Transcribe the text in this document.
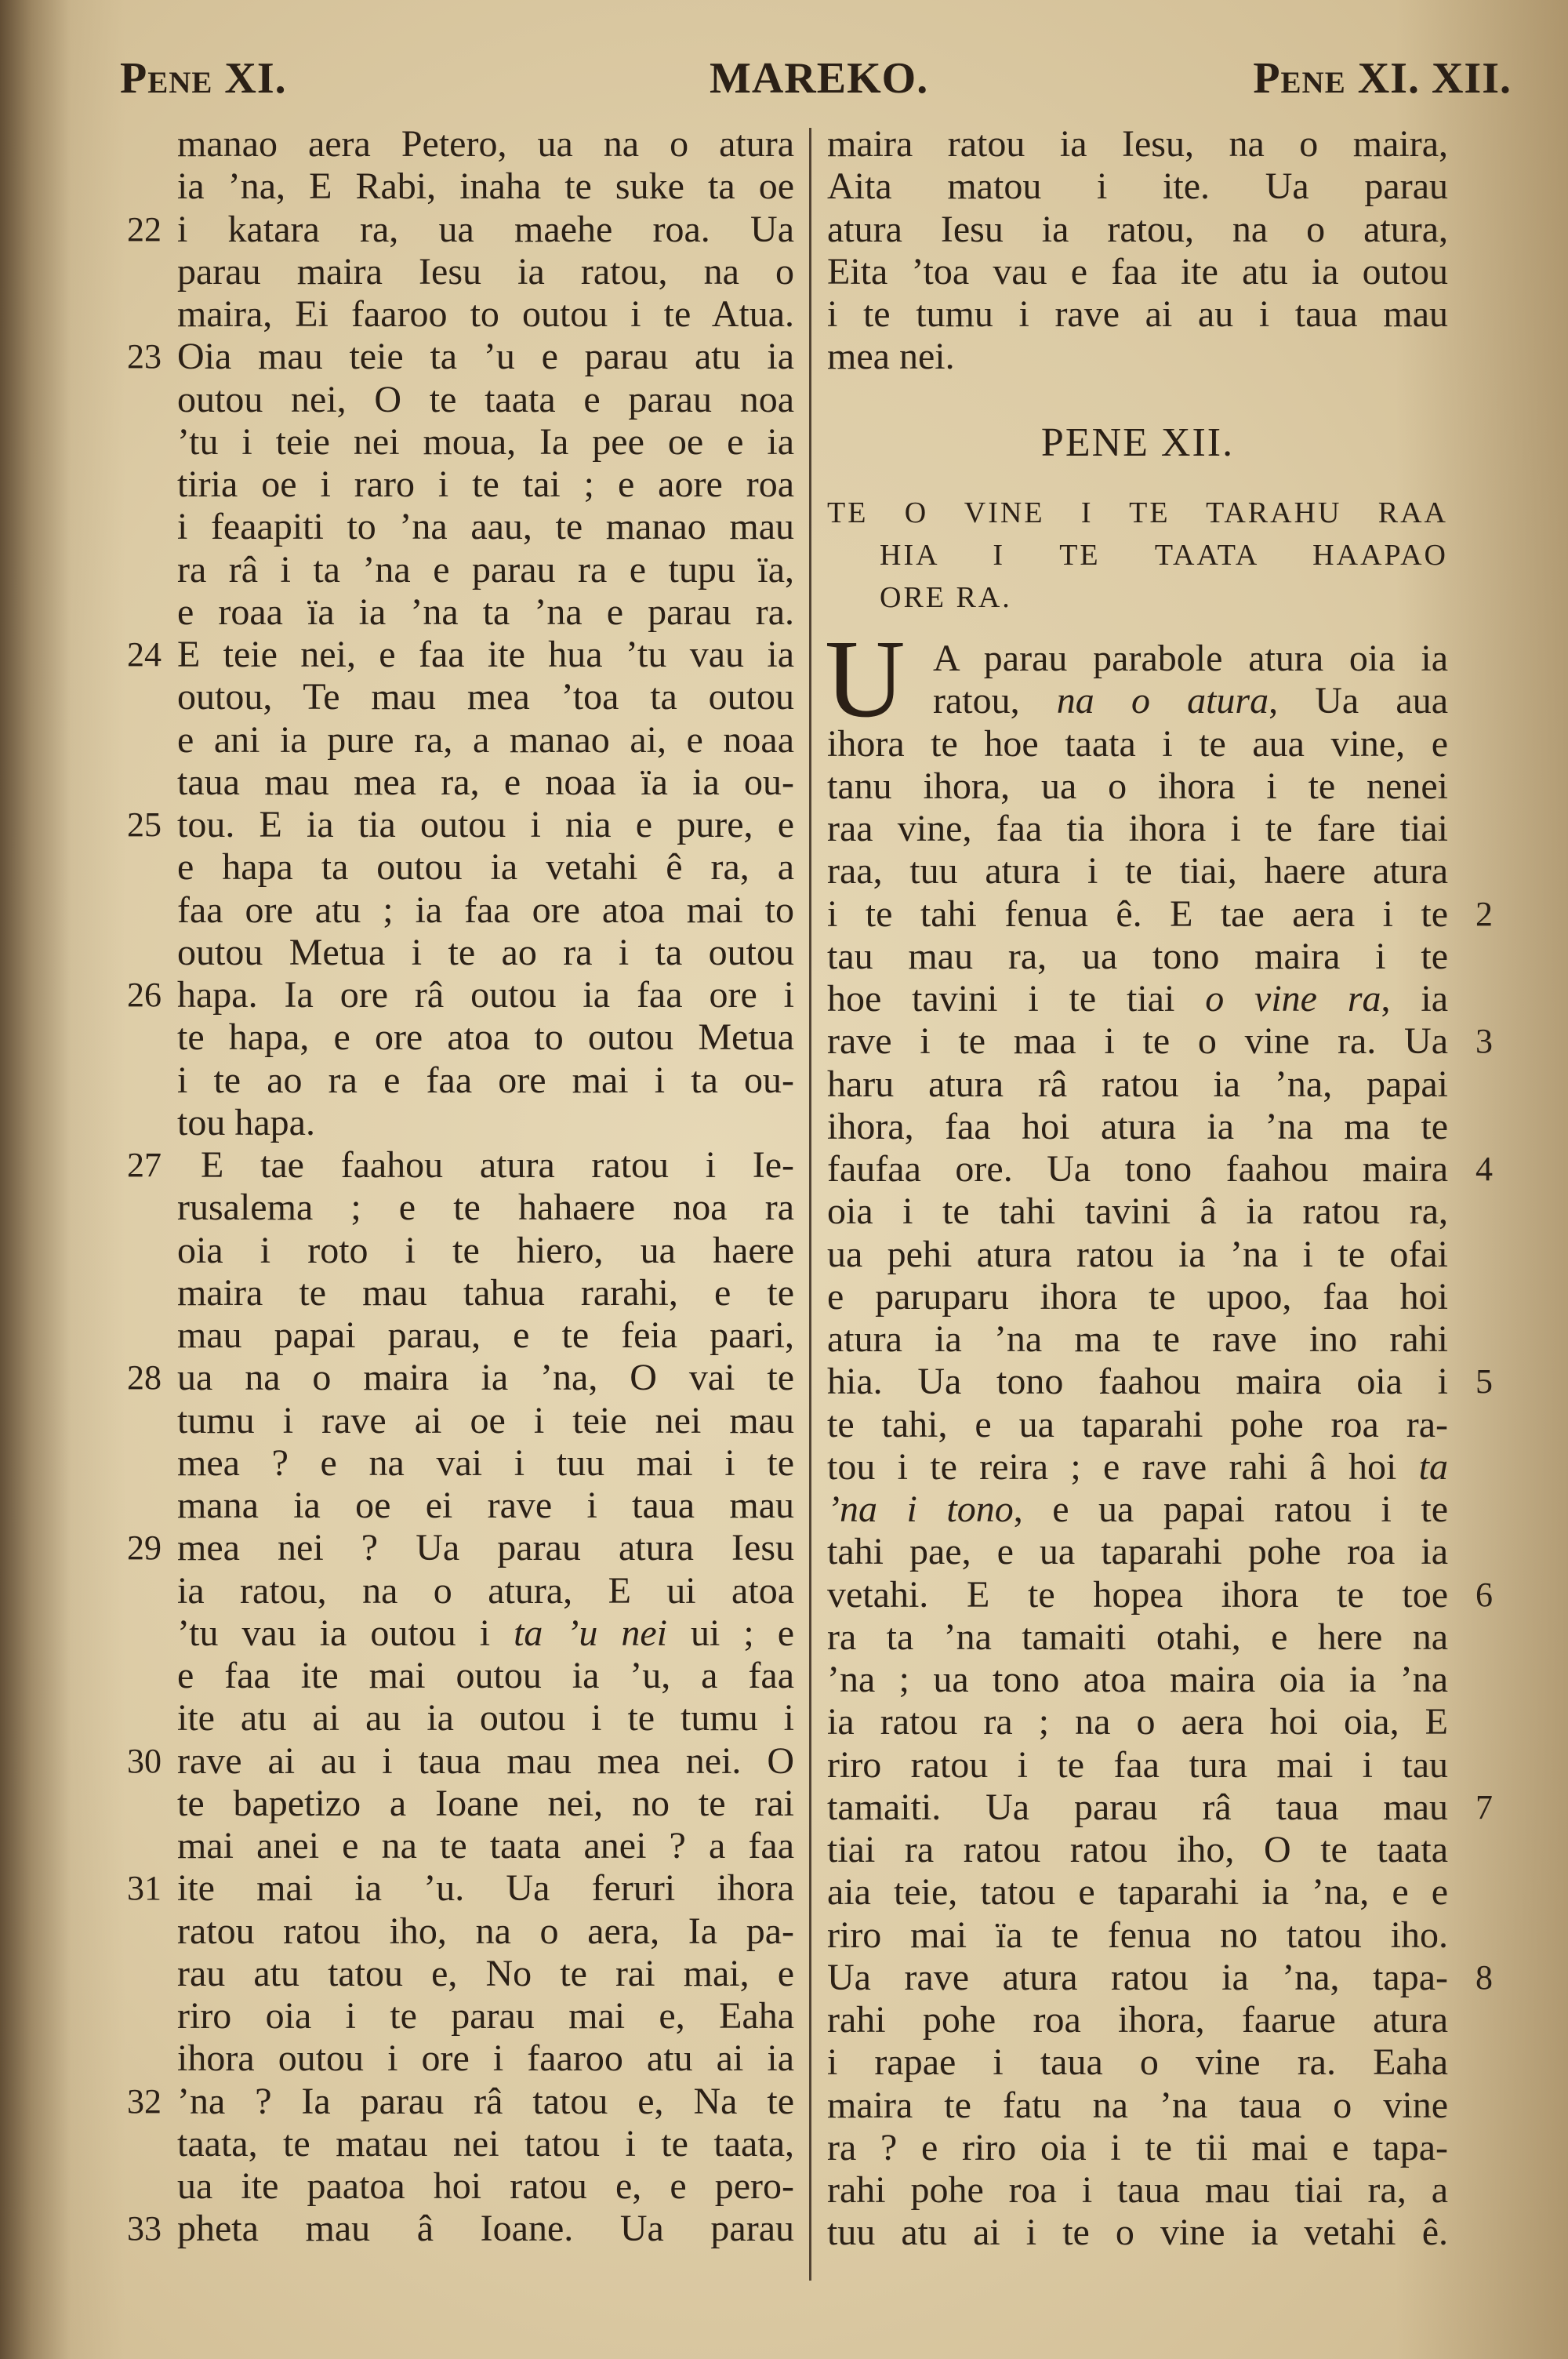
Pene XI.	MAREKO.	Pene XI. XII.
manao aera Petero, ua na o atura
ia ’na, E Rabi, inaha te suke ta oe
i katara ra, ua maehe roa. Ua
22
parau maira Iesu ia ratou, na o
maira, Ei faaroo to outou i te Atua.
Oia mau teie ta ’u e parau atu ia
23
outou nei, O te taata e parau noa
’tu i teie nei moua, Ia pee oe e ia
tiria oe i raro i te tai ; e aore roa
i feaapiti to ’na aau, te manao mau
ra râ i ta ’na e parau ra e tupu ïa,
e roaa ïa ia ’na ta ’na e parau ra.
E teie nei, e faa ite hua ’tu vau ia
24
outou, Te mau mea ’toa ta outou
e ani ia pure ra, a manao ai, e noaa
taua mau mea ra, e noaa ïa ia ou-
tou. E ia tia outou i nia e pure, e
25
e hapa ta outou ia vetahi ê ra, a
faa ore atu ; ia faa ore atoa mai to
outou Metua i te ao ra i ta outou
hapa. Ia ore râ outou ia faa ore i
26
te hapa, e ore atoa to outou Metua
i te ao ra e faa ore mai i ta ou-
tou hapa.
E tae faahou atura ratou i Ie-
27
rusalema ; e te hahaere noa ra
oia i roto i te hiero, ua haere
maira te mau tahua rarahi, e te
mau papai parau, e te feia paari,
ua na o maira ia ’na, O vai te
28
tumu i rave ai oe i teie nei mau
mea ? e na vai i tuu mai i te
mana ia oe ei rave i taua mau
mea nei ? Ua parau atura Iesu
29
ia ratou, na o atura, E ui atoa
’tu vau ia outou i ta ’u nei ui ; e
e faa ite mai outou ia ’u, a faa
ite atu ai au ia outou i te tumu i
rave ai au i taua mau mea nei. O
30
te bapetizo a Ioane nei, no te rai
mai anei e na te taata anei ? a faa
ite mai ia ’u. Ua feruri ihora
31
ratou ratou iho, na o aera, Ia pa-
rau atu tatou e, No te rai mai, e
riro oia i te parau mai e, Eaha
ihora outou i ore i faaroo atu ai ia
’na ? Ia parau râ tatou e, Na te
32
taata, te matau nei tatou i te taata,
ua ite paatoa hoi ratou e, e pero-
pheta mau â Ioane. Ua parau
33
PENE XII.
TE O VINE I TE TARAHU RAA
HIA I TE TAATA HAAPAO
ORE RA.
U
maira ratou ia Iesu, na o maira,
Aita matou i ite. Ua parau
atura Iesu ia ratou, na o atura,
Eita ’toa vau e faa ite atu ia outou
i te tumu i rave ai au i taua mau
mea nei.
A parau parabole atura oia ia
ratou, na o atura, Ua aua
ihora te hoe taata i te aua vine, e
tanu ihora, ua o ihora i te nenei
raa vine, faa tia ihora i te fare tiai
raa, tuu atura i te tiai, haere atura
i te tahi fenua ê. E tae aera i te 2
tau mau ra, ua tono maira i te
hoe tavini i te tiai o vine ra, ia
rave i te maa i te o vine ra. Ua 3
haru atura râ ratou ia ’na, papai
ihora, faa hoi atura ia ’na ma te
faufaa ore. Ua tono faahou maira 4
oia i te tahi tavini â ia ratou ra,
ua pehi atura ratou ia ’na i te ofai
e paruparu ihora te upoo, faa hoi
atura ia ’na ma te rave ino rahi
hia. Ua tono faahou maira oia i 5
te tahi, e ua taparahi pohe roa ra-
tou i te reira ; e rave rahi â hoi ta
’na i tono, e ua papai ratou i te
tahi pae, e ua taparahi pohe roa ia
vetahi. E te hopea ihora te toe 6
ra ta ’na tamaiti otahi, e here na
’na ; ua tono atoa maira oia ia ’na
ia ratou ra ; na o aera hoi oia, E
riro ratou i te faa tura mai i tau
tamaiti. Ua parau râ taua mau 7
tiai ra ratou ratou iho, O te taata
aia teie, tatou e taparahi ia ’na, e e
riro mai ïa te fenua no tatou iho.
Ua rave atura ratou ia ’na, tapa- 8
rahi pohe roa ihora, faarue atura
i rapae i taua o vine ra. Eaha
maira te fatu na ’na taua o vine
ra ? e riro oia i te tii mai e tapa-
rahi pohe roa i taua mau tiai ra, a
tuu atu ai i te o vine ia vetahi ê.
